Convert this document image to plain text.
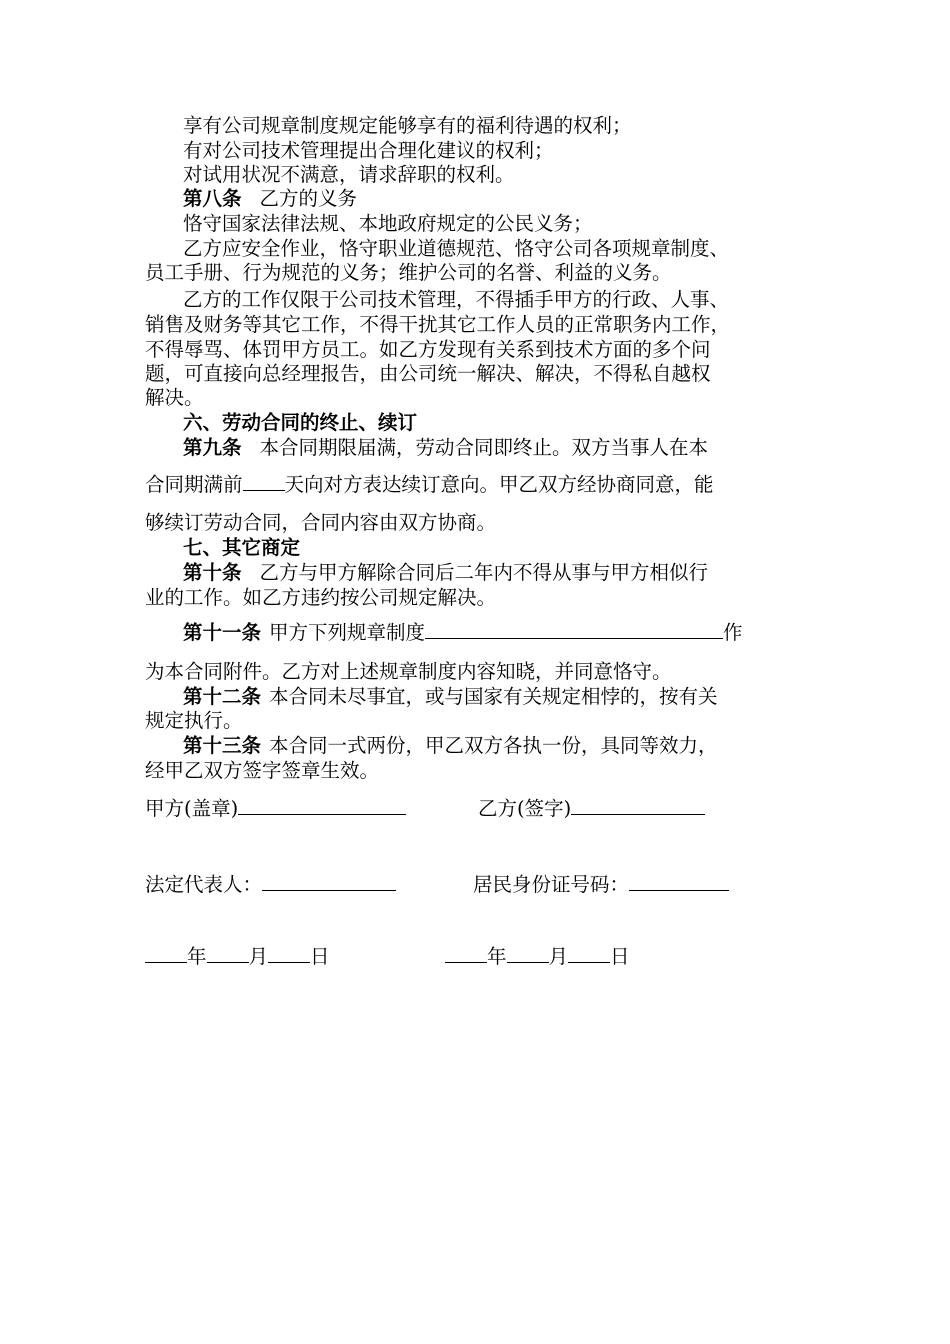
享有公司规章制度规定能够享有的福利待遇的权利；
有对公司技术管理提出合理化建议的权利；
对试用状况不满意，请求辞职的权利。
第八条 乙方的义务
恪守国家法律法规、本地政府规定的公民义务；
乙方应安全作业，恪守职业道德规范、恪守公司各项规章制度、
员工手册、行为规范的义务；维护公司的名誉、利益的义务。
乙方的工作仅限于公司技术管理，不得插手甲方的行政、人事、
销售及财务等其它工作，不得干扰其它工作人员的正常职务内工作，
不得辱骂、体罚甲方员工。如乙方发现有关系到技术方面的多个问
题，可直接向总经理报告，由公司统一解决、解决，不得私自越权
解决。
六、劳动合同的终止、续订
第九条 本合同期限届满，劳动合同即终止。双方当事人在本
合同期满前 天向对方表达续订意向。甲乙双方经协商同意，能
够续订劳动合同，合同内容由双方协商。
七、其它商定
第十条 乙方与甲方解除合同后二年内不得从事与甲方相似行
业的工作。如乙方违约按公司规定解决。
第十一条 甲方下列规章制度	作
为本合同附件。乙方对上述规章制度内容知晓，并同意恪守。
第十二条 本合同未尽事宜，或与国家有关规定相悖的，按有关
规定执行。
第十三条 本合同一式两份，甲乙双方各执一份，具同等效力，
经甲乙双方签字签章生效。
甲方(盖章)	乙方(签字)
法定代表人：	居民身份证号码：
年 月 日	年 月 日
